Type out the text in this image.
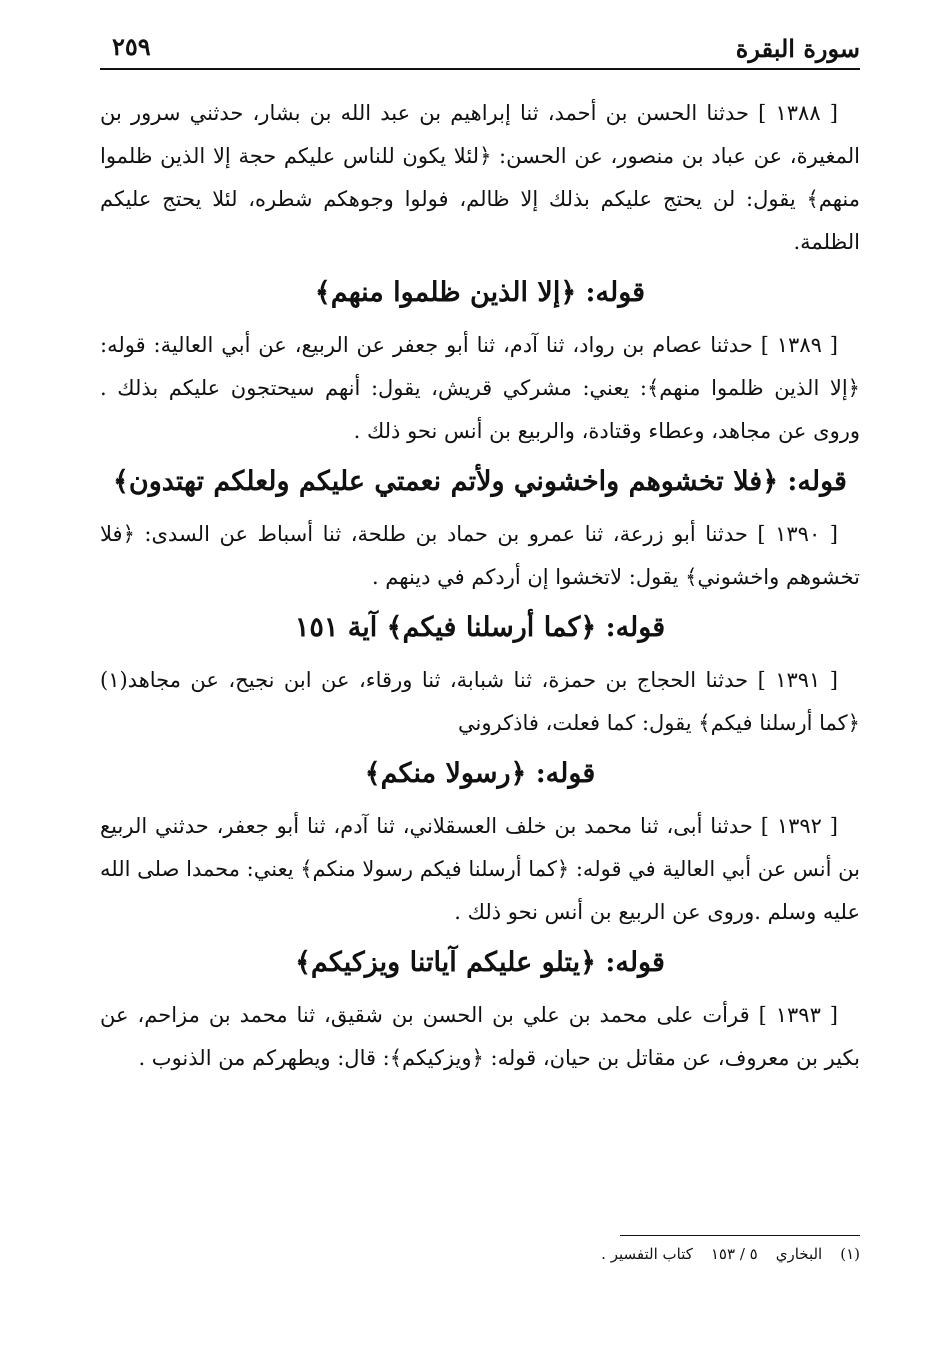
سورة البقرة
٢٥٩

[ ١٣٨٨ ] حدثنا الحسن بن أحمد، ثنا إبراهيم بن عبد الله بن بشار، حدثني سرور بن المغيرة، عن عباد بن منصور، عن الحسن: ﴿لئلا يكون للناس عليكم حجة إلا الذين ظلموا منهم﴾ يقول: لن يحتج عليكم بذلك إلا ظالم، فولوا وجوهكم شطره، لئلا يحتج عليكم الظلمة.

قوله: ﴿إلا الذين ظلموا منهم﴾

[ ١٣٨٩ ] حدثنا عصام بن رواد، ثنا آدم، ثنا أبو جعفر عن الربيع، عن أبي العالية: قوله: ﴿إلا الذين ظلموا منهم﴾: يعني: مشركي قريش، يقول: أنهم سيحتجون عليكم بذلك . وروى عن مجاهد، وعطاء وقتادة، والربيع بن أنس نحو ذلك .

قوله: ﴿فلا تخشوهم واخشوني ولأتم نعمتي عليكم ولعلكم تهتدون﴾

[ ١٣٩٠ ] حدثنا أبو زرعة، ثنا عمرو بن حماد بن طلحة، ثنا أسباط عن السدى: ﴿فلا تخشوهم واخشوني﴾ يقول: لاتخشوا إن أردكم في دينهم .

قوله: ﴿كما أرسلنا فيكم﴾ آية ١٥١

[ ١٣٩١ ] حدثنا الحجاج بن حمزة، ثنا شبابة، ثنا ورقاء، عن ابن نجيح، عن مجاهد(١) ﴿كما أرسلنا فيكم﴾ يقول: كما فعلت، فاذكروني

قوله: ﴿رسولا منكم﴾

[ ١٣٩٢ ] حدثنا أبى، ثنا محمد بن خلف العسقلاني، ثنا آدم، ثنا أبو جعفر، حدثني الربيع بن أنس عن أبي العالية في قوله: ﴿كما أرسلنا فيكم رسولا منكم﴾ يعني: محمدا صلى الله عليه وسلم .وروى عن الربيع بن أنس نحو ذلك .

قوله: ﴿يتلو عليكم آياتنا ويزكيكم﴾

[ ١٣٩٣ ] قرأت على محمد بن علي بن الحسن بن شقيق، ثنا محمد بن مزاحم، عن بكير بن معروف، عن مقاتل بن حيان، قوله: ﴿ويزكيكم﴾: قال: ويطهركم من الذنوب .

(١)البخاري٥ / ١٥٣كتاب التفسير .
